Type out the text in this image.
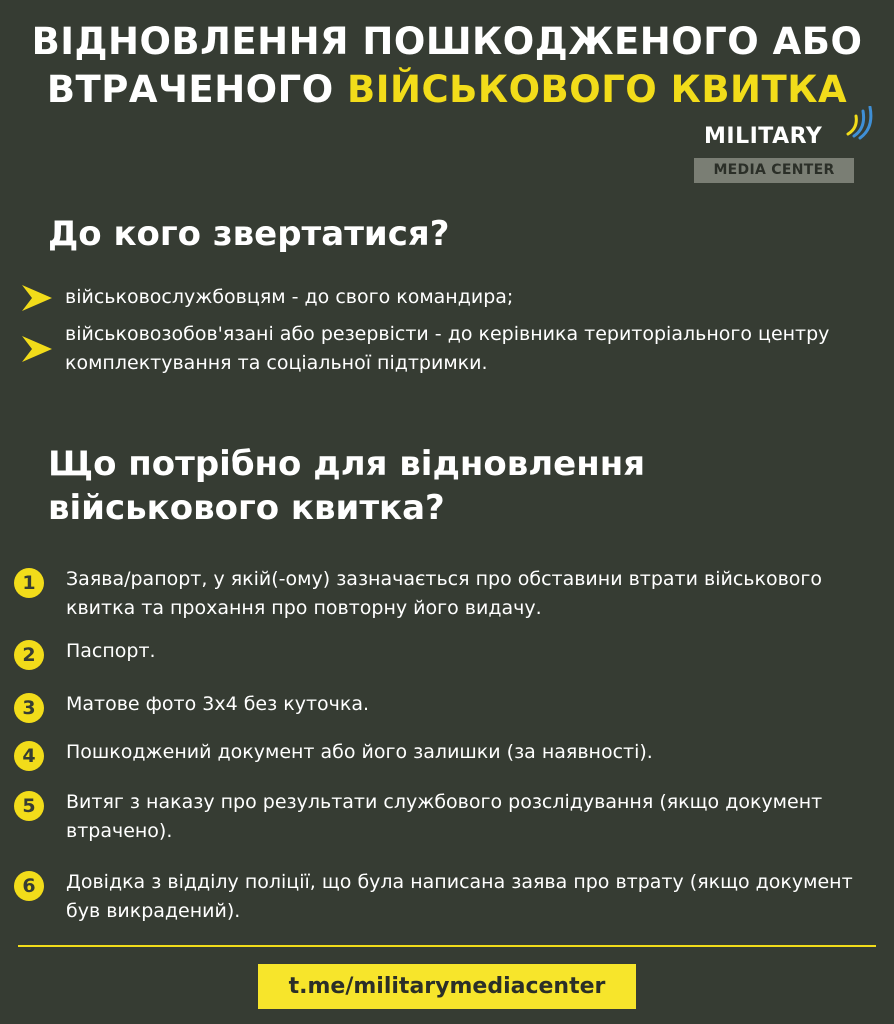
ВІДНОВЛЕННЯ ПОШКОДЖЕНОГО АБО
ВТРАЧЕНОГО ВІЙСЬКОВОГО КВИТКА
MILITARY
MEDIA CENTER
До кого звертатися?
військовослужбовцям - до свого командира;
військовозобов'язані або резервісти - до керівника територіального центру комплектування та соціальної підтримки.
Що потрібно для відновлення
військового квитка?
1	Заява/рапорт, у якій(-ому) зазначається про обставини втрати військового квитка та прохання про повторну його видачу.
2	Паспорт.
3	Матове фото 3х4 без куточка.
4	Пошкоджений документ або його залишки (за наявності).
5	Витяг з наказу про результати службового розслідування (якщо документ втрачено).
6	Довідка з відділу поліції, що була написана заява про втрату (якщо документ був викрадений).
t.me/militarymediacenter
